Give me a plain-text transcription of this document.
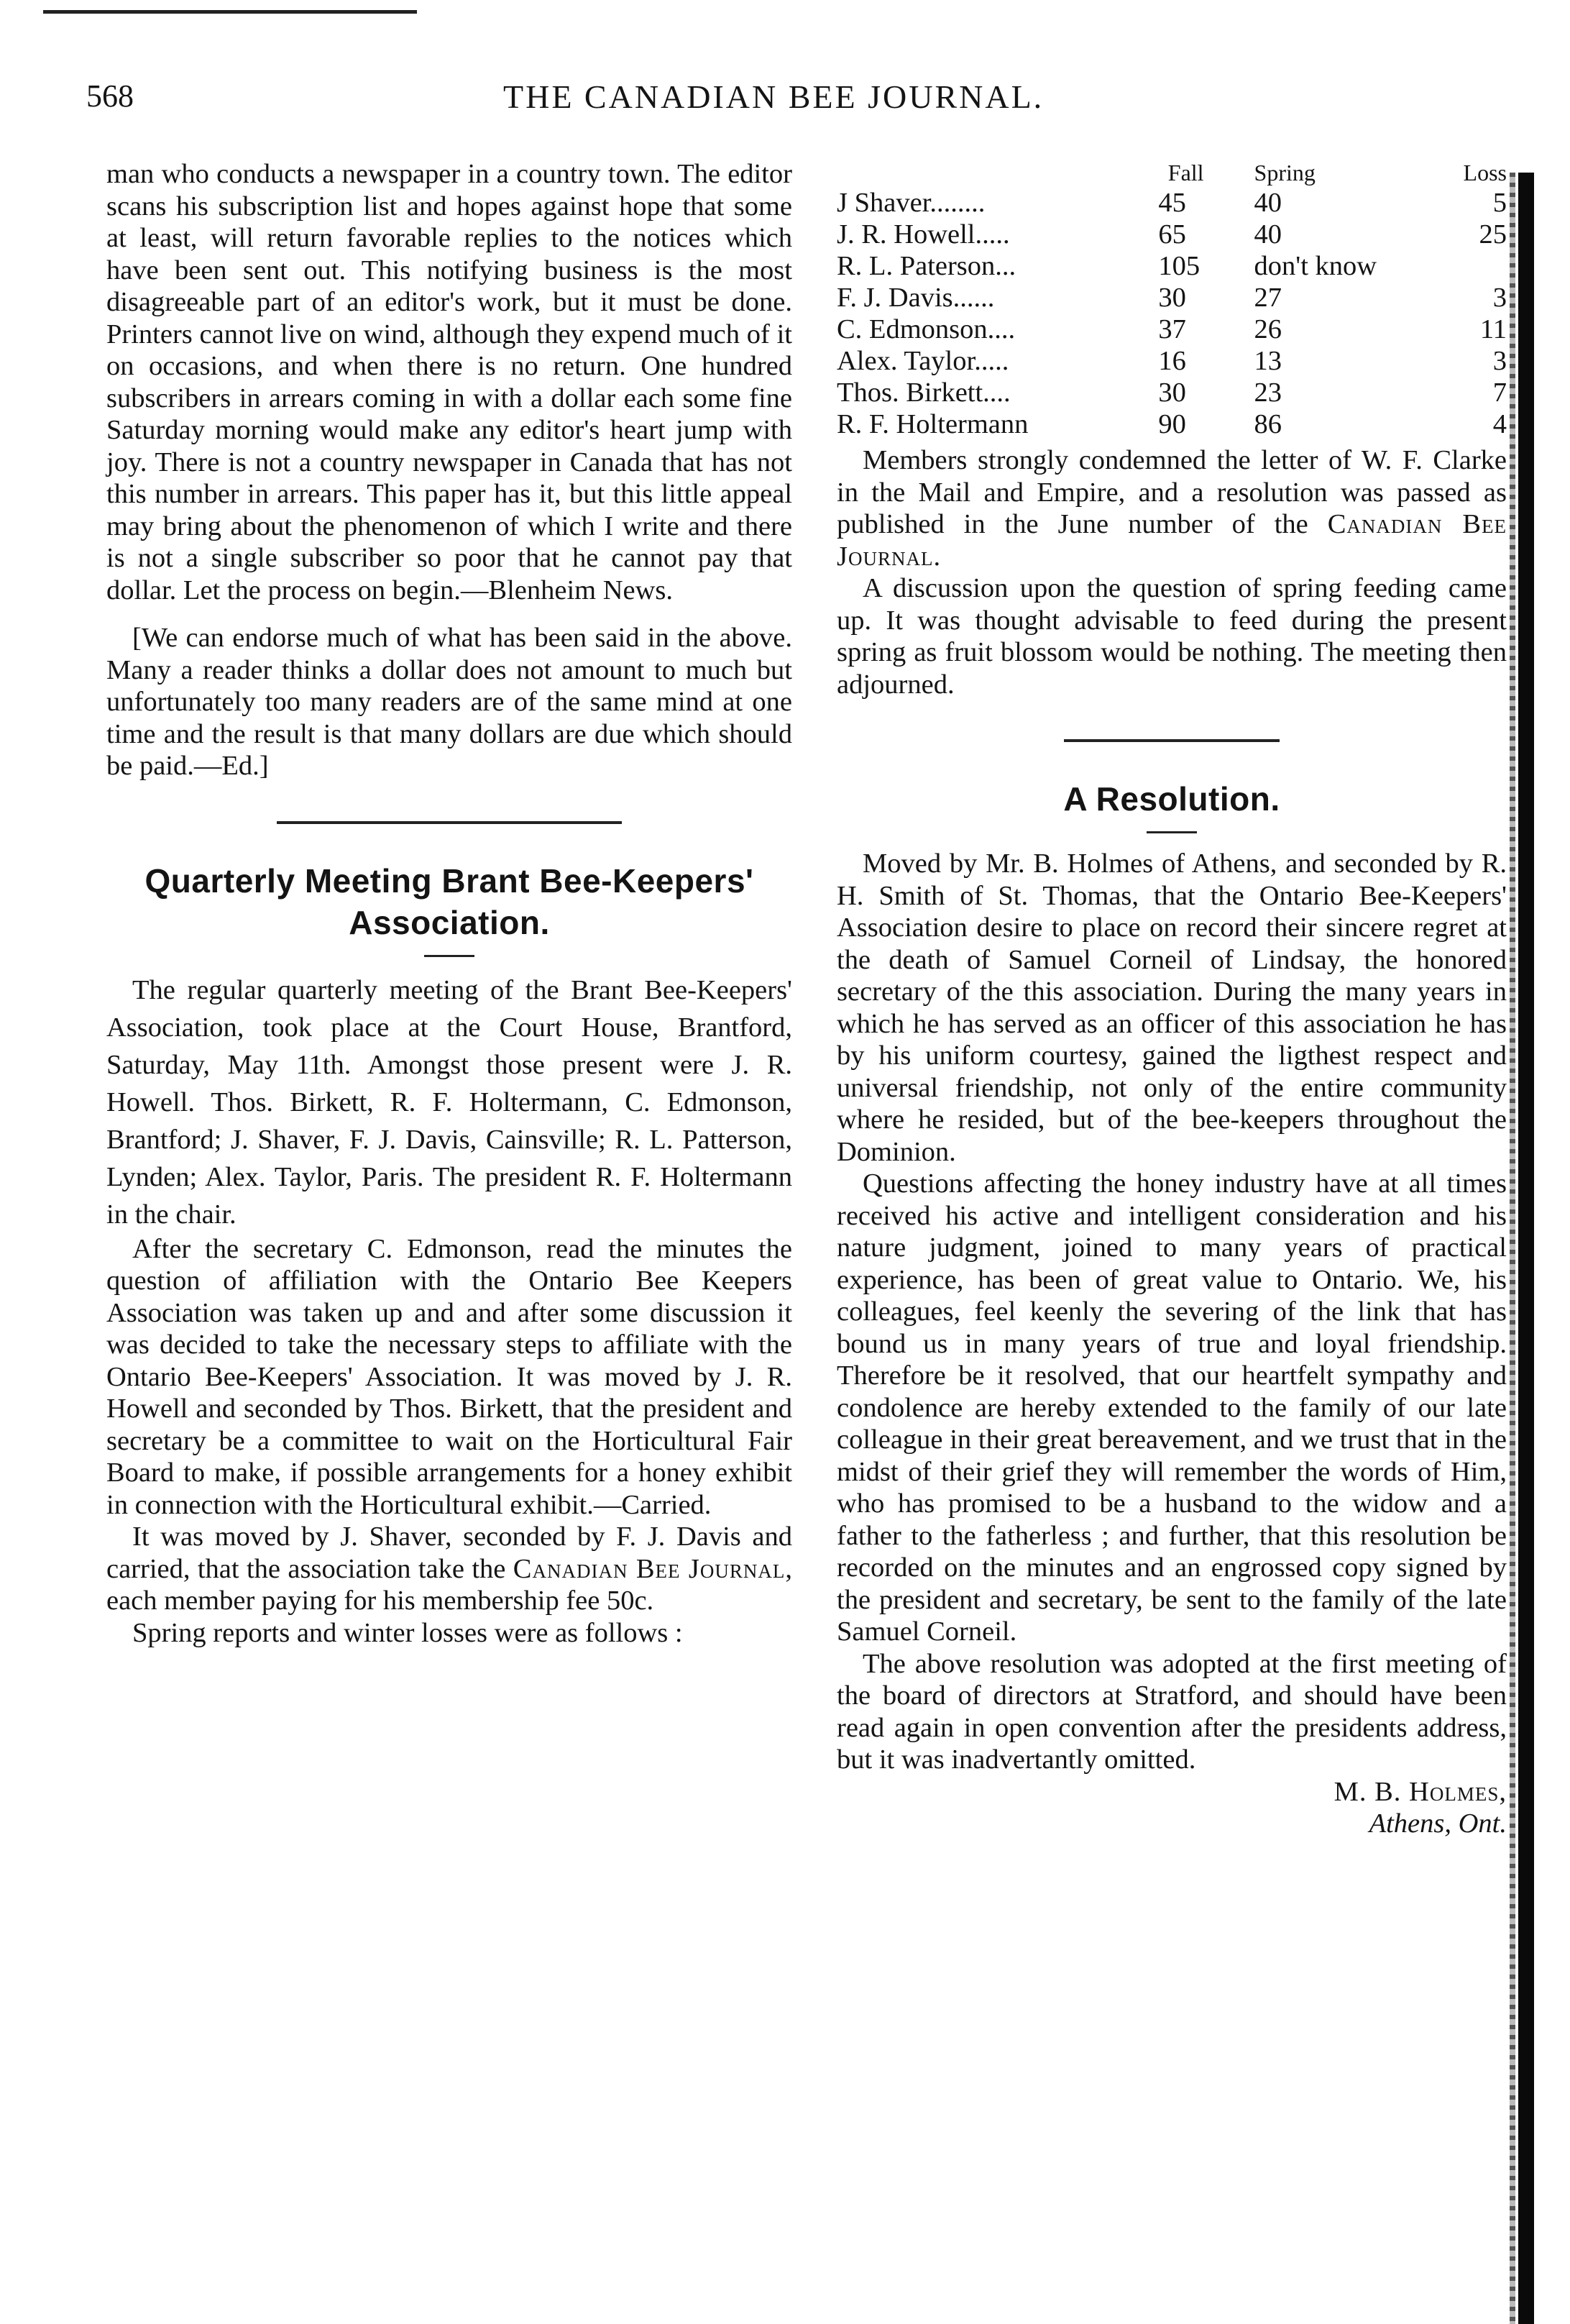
568	THE CANADIAN BEE JOURNAL.

man who conducts a newspaper in a country town. The editor scans his subscription list and hopes against hope that some at least, will return favorable replies to the notices which have been sent out. This notifying business is the most disagreeable part of an editor's work, but it must be done. Printers cannot live on wind, although they expend much of it on occasions, and when there is no return. One hundred subscribers in arrears coming in with a dollar each some fine Saturday morning would make any editor's heart jump with joy. There is not a country newspaper in Canada that has not this number in arrears. This paper has it, but this little appeal may bring about the phenomenon of which I write and there is not a single subscriber so poor that he cannot pay that dollar. Let the process on begin.—Blenheim News.

[We can endorse much of what has been said in the above. Many a reader thinks a dollar does not amount to much but unfortunately too many readers are of the same mind at one time and the result is that many dollars are due which should be paid.—Ed.]

Quarterly Meeting Brant Bee-Keepers' Association.

The regular quarterly meeting of the Brant Bee-Keepers' Association, took place at the Court House, Brantford, Saturday, May 11th. Amongst those present were J. R. Howell. Thos. Birkett, R. F. Holtermann, C. Edmonson, Brantford; J. Shaver, F. J. Davis, Cainsville; R. L. Patterson, Lynden; Alex. Taylor, Paris. The president R. F. Holtermann in the chair.

After the secretary C. Edmonson, read the minutes the question of affiliation with the Ontario Bee Keepers Association was taken up and and after some discussion it was decided to take the necessary steps to affiliate with the Ontario Bee-Keepers' Association. It was moved by J. R. Howell and seconded by Thos. Birkett, that the president and secretary be a committee to wait on the Horticultural Fair Board to make, if possible arrangements for a honey exhibit in connection with the Horticultural exhibit.—Carried.

It was moved by J. Shaver, seconded by F. J. Davis and carried, that the association take the Canadian Bee Journal, each member paying for his membership fee 50c.

Spring reports and winter losses were as follows :

	Fall	Spring	Loss
J Shaver........	45	40	5
J. R. Howell.....	65	40	25
R. L. Paterson...	105	don't know	
F. J. Davis......	30	27	3
C. Edmonson....	37	26	11
Alex. Taylor.....	16	13	3
Thos. Birkett....	30	23	7
R. F. Holtermann	90	86	4

Members strongly condemned the letter of W. F. Clarke in the Mail and Empire, and a resolution was passed as published in the June number of the Canadian Bee Journal.

A discussion upon the question of spring feeding came up. It was thought advisable to feed during the present spring as fruit blossom would be nothing. The meeting then adjourned.

A Resolution.

Moved by Mr. B. Holmes of Athens, and seconded by R. H. Smith of St. Thomas, that the Ontario Bee-Keepers' Association desire to place on record their sincere regret at the death of Samuel Corneil of Lindsay, the honored secretary of the this association. During the many years in which he has served as an officer of this association he has by his uniform courtesy, gained the ligthest respect and universal friendship, not only of the entire community where he resided, but of the bee-keepers throughout the Dominion.

Questions affecting the honey industry have at all times received his active and intelligent consideration and his nature judgment, joined to many years of practical experience, has been of great value to Ontario. We, his colleagues, feel keenly the severing of the link that has bound us in many years of true and loyal friendship. Therefore be it resolved, that our heartfelt sympathy and condolence are hereby extended to the family of our late colleague in their great bereavement, and we trust that in the midst of their grief they will remember the words of Him, who has promised to be a husband to the widow and a father to the fatherless ; and further, that this resolution be recorded on the minutes and an engrossed copy signed by the president and secretary, be sent to the family of the late Samuel Corneil.

The above resolution was adopted at the first meeting of the board of directors at Stratford, and should have been read again in open convention after the presidents address, but it was inadvertantly omitted.

M. B. Holmes,

Athens, Ont.
